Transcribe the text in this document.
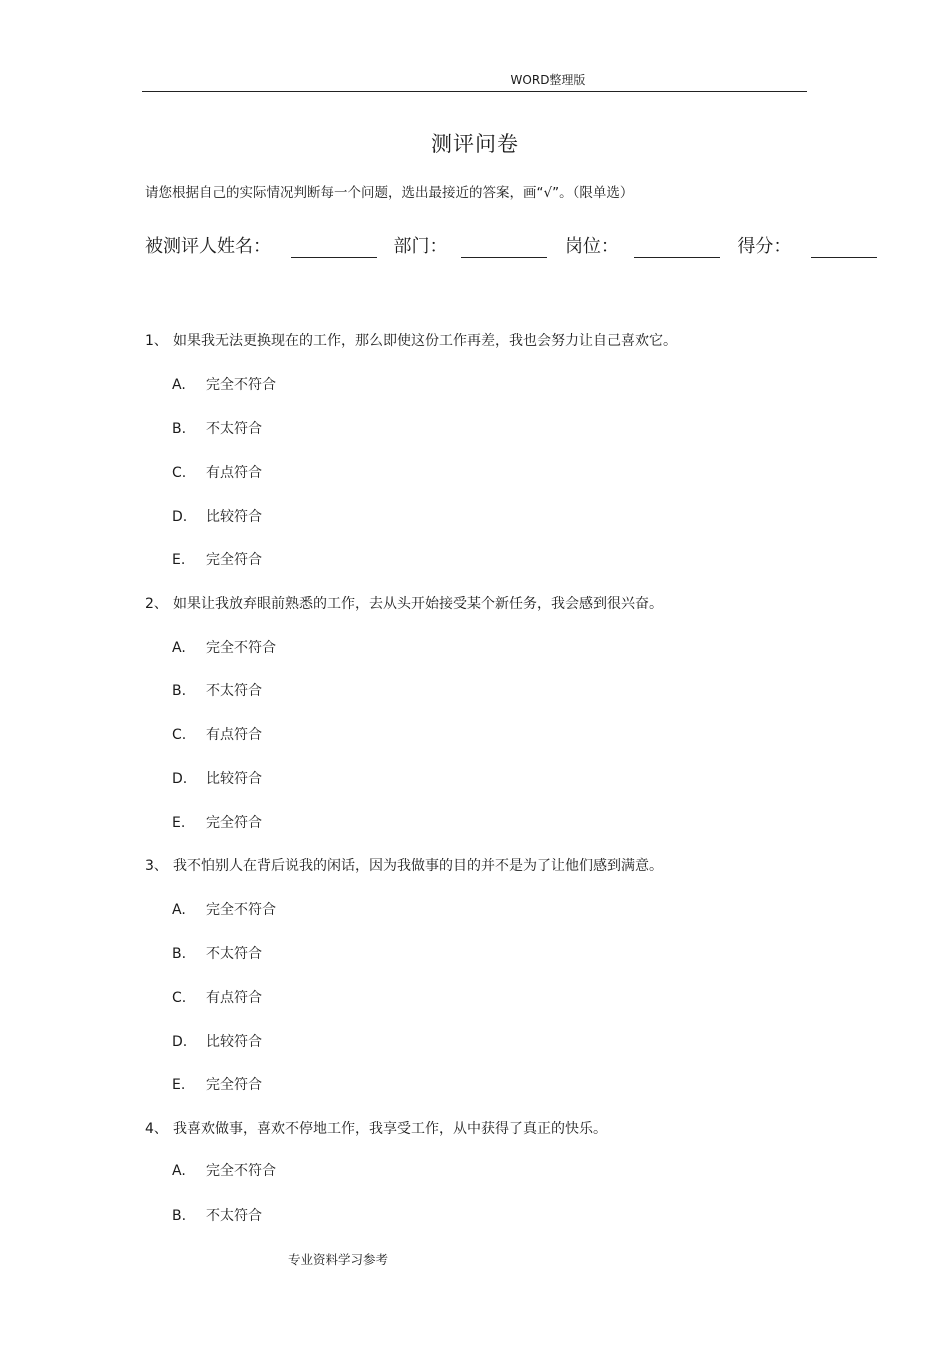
WORD整理版
测评问卷
请您根据自己的实际情况判断每一个问题，选出最接近的答案，画“√”。（限单选）
被测评人姓名：	部门：	岗位：	得分：
1、 如果我无法更换现在的工作，那么即使这份工作再差，我也会努力让自己喜欢它。
A. 完全不符合
B. 不太符合
C. 有点符合
D. 比较符合
E. 完全符合
2、 如果让我放弃眼前熟悉的工作，去从头开始接受某个新任务，我会感到很兴奋。
A. 完全不符合
B. 不太符合
C. 有点符合
D. 比较符合
E. 完全符合
3、 我不怕别人在背后说我的闲话，因为我做事的目的并不是为了让他们感到满意。
A. 完全不符合
B. 不太符合
C. 有点符合
D. 比较符合
E. 完全符合
4、 我喜欢做事，喜欢不停地工作，我享受工作，从中获得了真正的快乐。
A. 完全不符合
B. 不太符合
专业资料学习参考
